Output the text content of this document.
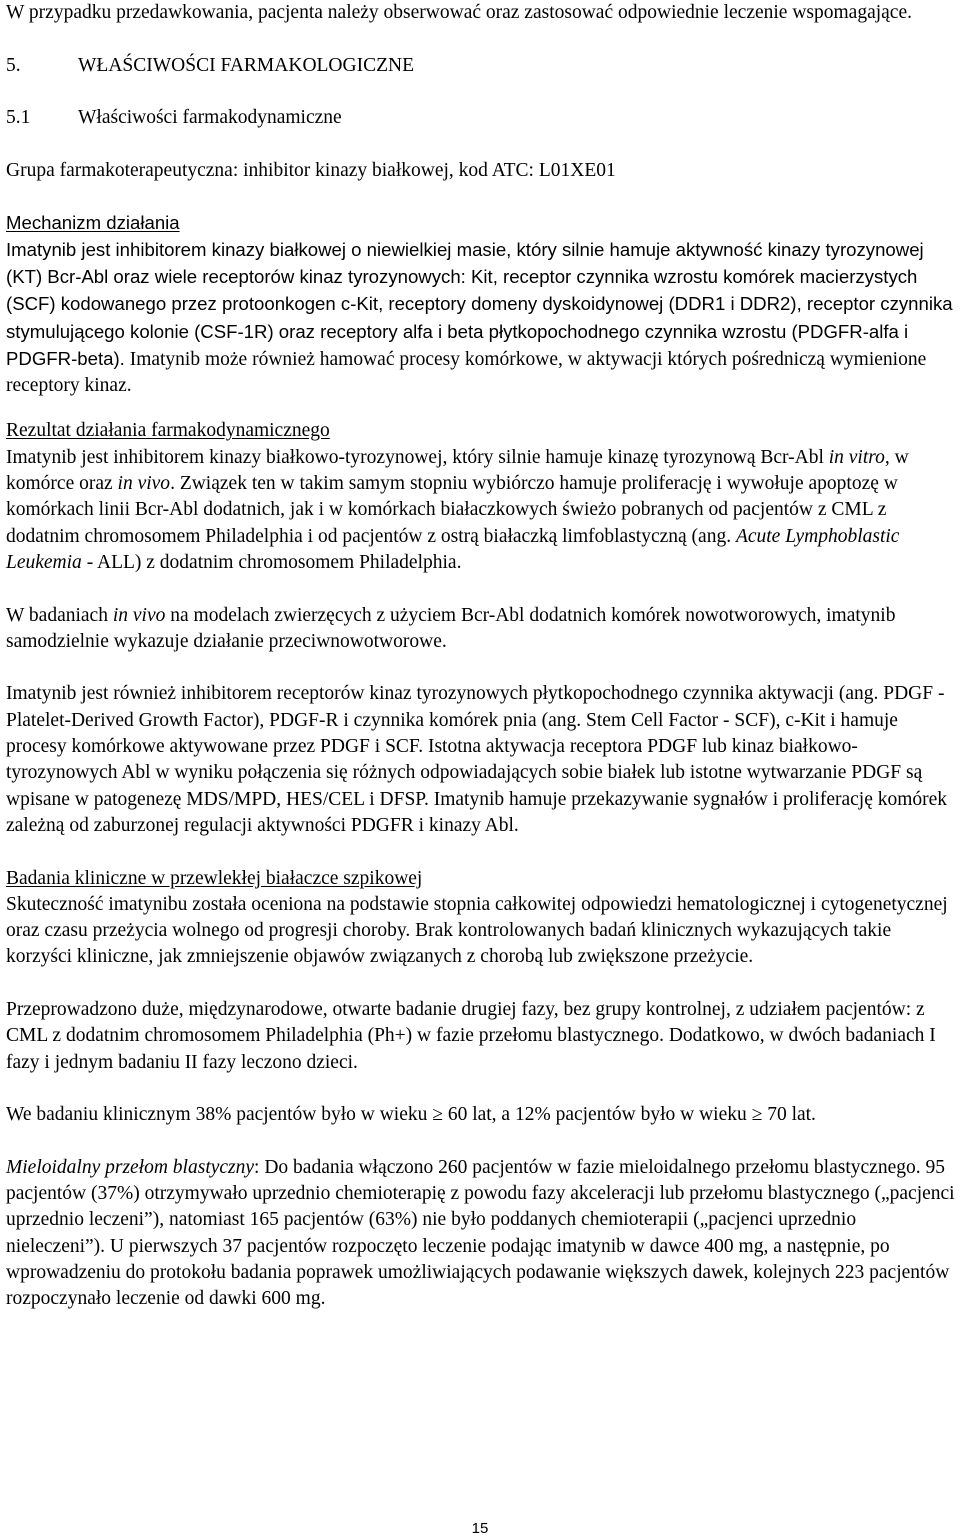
W przypadku przedawkowania, pacjenta należy obserwować oraz zastosować odpowiednie leczenie wspomagające.

5.	WŁAŚCIWOŚCI FARMAKOLOGICZNE

5.1	Właściwości farmakodynamiczne

Grupa farmakoterapeutyczna: inhibitor kinazy białkowej, kod ATC: L01XE01

Mechanizm działania

Imatynib jest inhibitorem kinazy białkowej o niewielkiej masie, który silnie hamuje aktywność kinazy tyrozynowej (KT) Bcr-Abl oraz wiele receptorów kinaz tyrozynowych: Kit, receptor czynnika wzrostu komórek macierzystych (SCF) kodowanego przez protoonkogen c-Kit, receptory domeny dyskoidynowej (DDR1 i DDR2), receptor czynnika stymulującego kolonie (CSF-1R) oraz receptory alfa i beta płytkopochodnego czynnika wzrostu (PDGFR-alfa i PDGFR-beta). Imatynib może również hamować procesy komórkowe, w aktywacji których pośredniczą wymienione receptory kinaz.

Rezultat działania farmakodynamicznego

Imatynib jest inhibitorem kinazy białkowo-tyrozynowej, który silnie hamuje kinazę tyrozynową Bcr-Abl in vitro, w komórce oraz in vivo. Związek ten w takim samym stopniu wybiórczo hamuje proliferację i wywołuje apoptozę w komórkach linii Bcr-Abl dodatnich, jak i w komórkach białaczkowych świeżo pobranych od pacjentów z CML z dodatnim chromosomem Philadelphia i od pacjentów z ostrą białaczką limfoblastyczną (ang. Acute Lymphoblastic Leukemia - ALL) z dodatnim chromosomem Philadelphia.

W badaniach in vivo na modelach zwierzęcych z użyciem Bcr-Abl dodatnich komórek nowotworowych, imatynib samodzielnie wykazuje działanie przeciwnowotworowe.

Imatynib jest również inhibitorem receptorów kinaz tyrozynowych płytkopochodnego czynnika aktywacji (ang. PDGF - Platelet-Derived Growth Factor), PDGF-R i czynnika komórek pnia (ang. Stem Cell Factor - SCF), c-Kit i hamuje procesy komórkowe aktywowane przez PDGF i SCF. Istotna aktywacja receptora PDGF lub kinaz białkowo-tyrozynowych Abl w wyniku połączenia się różnych odpowiadających sobie białek lub istotne wytwarzanie PDGF są wpisane w patogenezę MDS/MPD, HES/CEL i DFSP. Imatynib hamuje przekazywanie sygnałów i proliferację komórek zależną od zaburzonej regulacji aktywności PDGFR i kinazy Abl.

Badania kliniczne w przewlekłej białaczce szpikowej

Skuteczność imatynibu została oceniona na podstawie stopnia całkowitej odpowiedzi hematologicznej i cytogenetycznej oraz czasu przeżycia wolnego od progresji choroby. Brak kontrolowanych badań klinicznych wykazujących takie korzyści kliniczne, jak zmniejszenie objawów związanych z chorobą lub zwiększone przeżycie.

Przeprowadzono duże, międzynarodowe, otwarte badanie drugiej fazy, bez grupy kontrolnej, z udziałem pacjentów: z CML z dodatnim chromosomem Philadelphia (Ph+) w fazie przełomu blastycznego. Dodatkowo, w dwóch badaniach I fazy i jednym badaniu II fazy leczono dzieci.

We badaniu klinicznym 38% pacjentów było w wieku ≥ 60 lat, a 12% pacjentów było w wieku ≥ 70 lat.

Mieloidalny przełom blastyczny: Do badania włączono 260 pacjentów w fazie mieloidalnego przełomu blastycznego. 95 pacjentów (37%) otrzymywało uprzednio chemioterapię z powodu fazy akceleracji lub przełomu blastycznego („pacjenci uprzednio leczeni”), natomiast 165 pacjentów (63%) nie było poddanych chemioterapii („pacjenci uprzednio nieleczeni”). U pierwszych 37 pacjentów rozpoczęto leczenie podając imatynib w dawce 400 mg, a następnie, po wprowadzeniu do protokołu badania poprawek umożliwiających podawanie większych dawek, kolejnych 223 pacjentów rozpoczynało leczenie od dawki 600 mg.

15
